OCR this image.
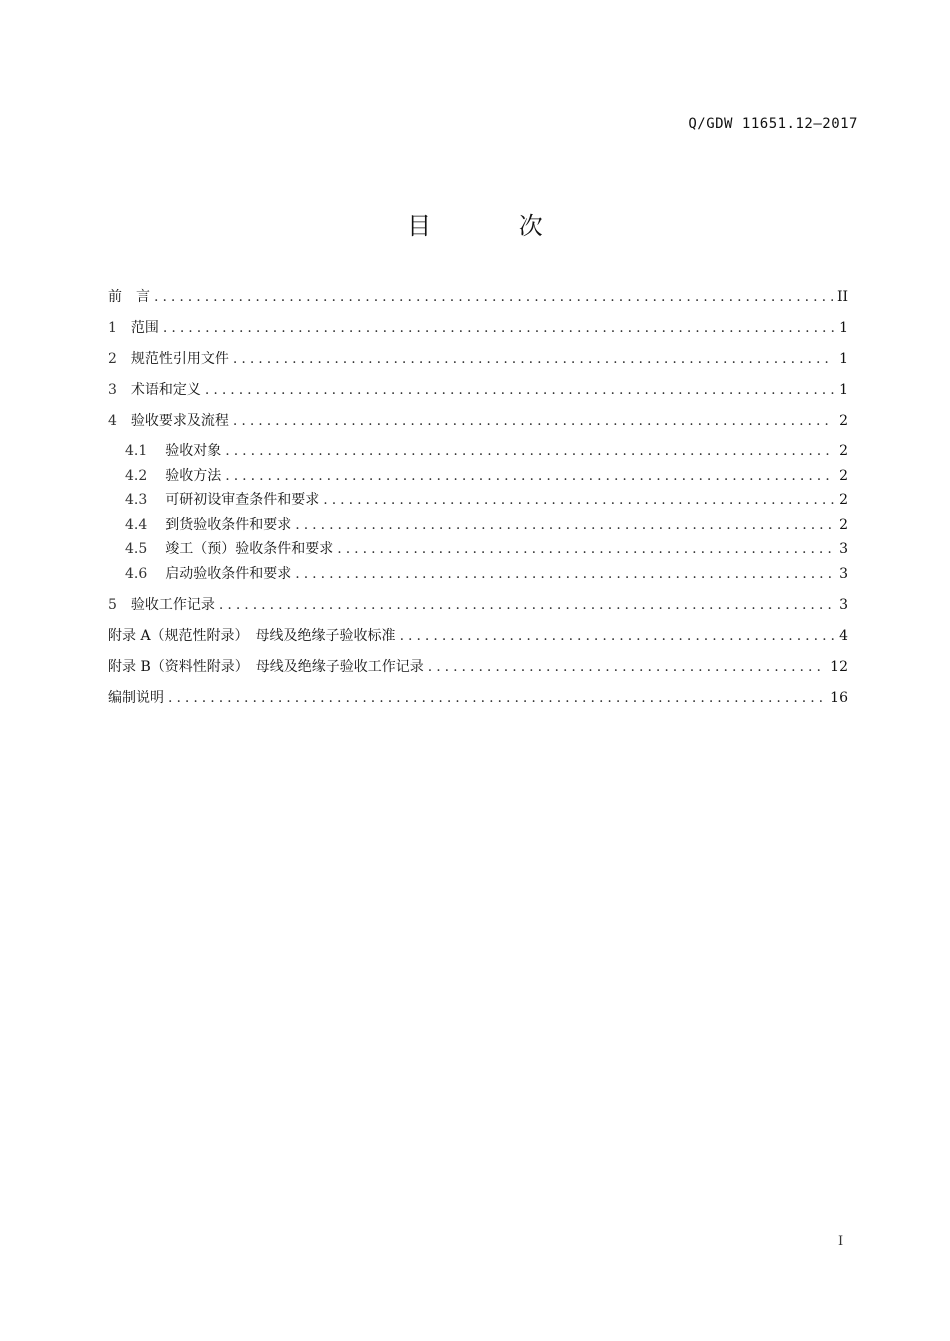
Q/GDW 11651.12—2017
目 次
前　言 .....	II
1 范围 .....	1
2 规范性引用文件 .....	1
3 术语和定义 .....	1
4 验收要求及流程 .....	2
4.1 验收对象 .....	2
4.2 验收方法 .....	2
4.3 可研初设审查条件和要求 .....	2
4.4 到货验收条件和要求 .....	2
4.5 竣工（预）验收条件和要求 .....	3
4.6 启动验收条件和要求 .....	3
5 验收工作记录 .....	3
附录 A（规范性附录）　母线及绝缘子验收标准 .....	4
附录 B（资料性附录）　母线及绝缘子验收工作记录 .....	12
编制说明 .....	16
I
